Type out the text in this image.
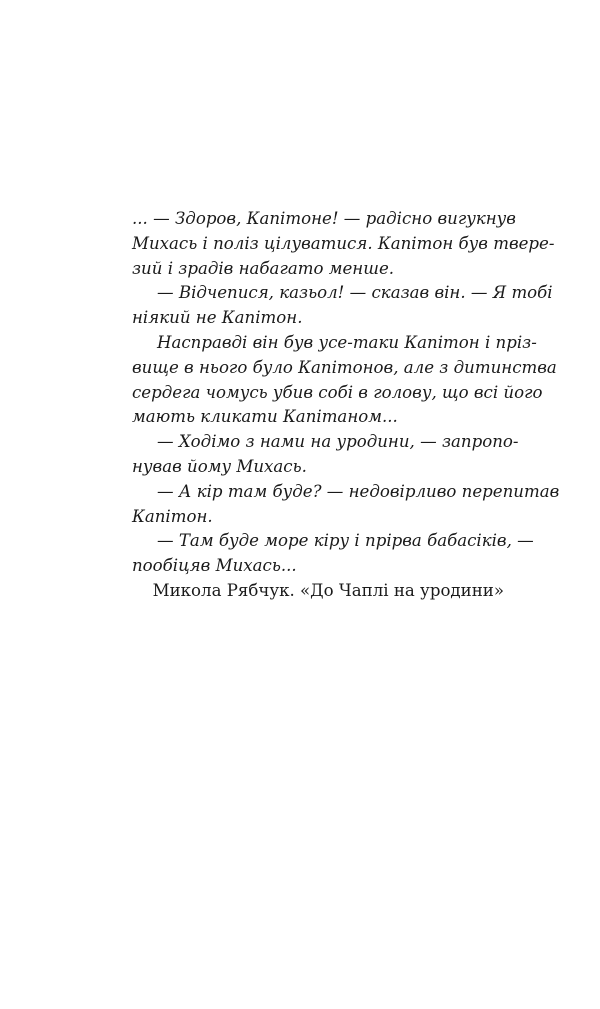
... — Здоров, Капітоне! — радісно вигукнув
Михась і поліз цілуватися. Капітон був твере-
зий і зрадів набагато менше.
— Відчепися, казьол! — сказав він. — Я тобі
ніякий не Капітон.
Насправді він був усе-таки Капітон і пріз-
вище в нього було Капітонов, але з дитинства
сердега чомусь убив собі в голову, що всі його
мають кликати Капітаном...
— Ходімо з нами на уродини, — запропо-
нував йому Михась.
— А кір там буде? — недовірливо перепитав
Капітон.
— Там буде море кіру і прірва бабасіків, —
пообіцяв Михась...
Микола Рябчук. «До Чаплі на уродини»
